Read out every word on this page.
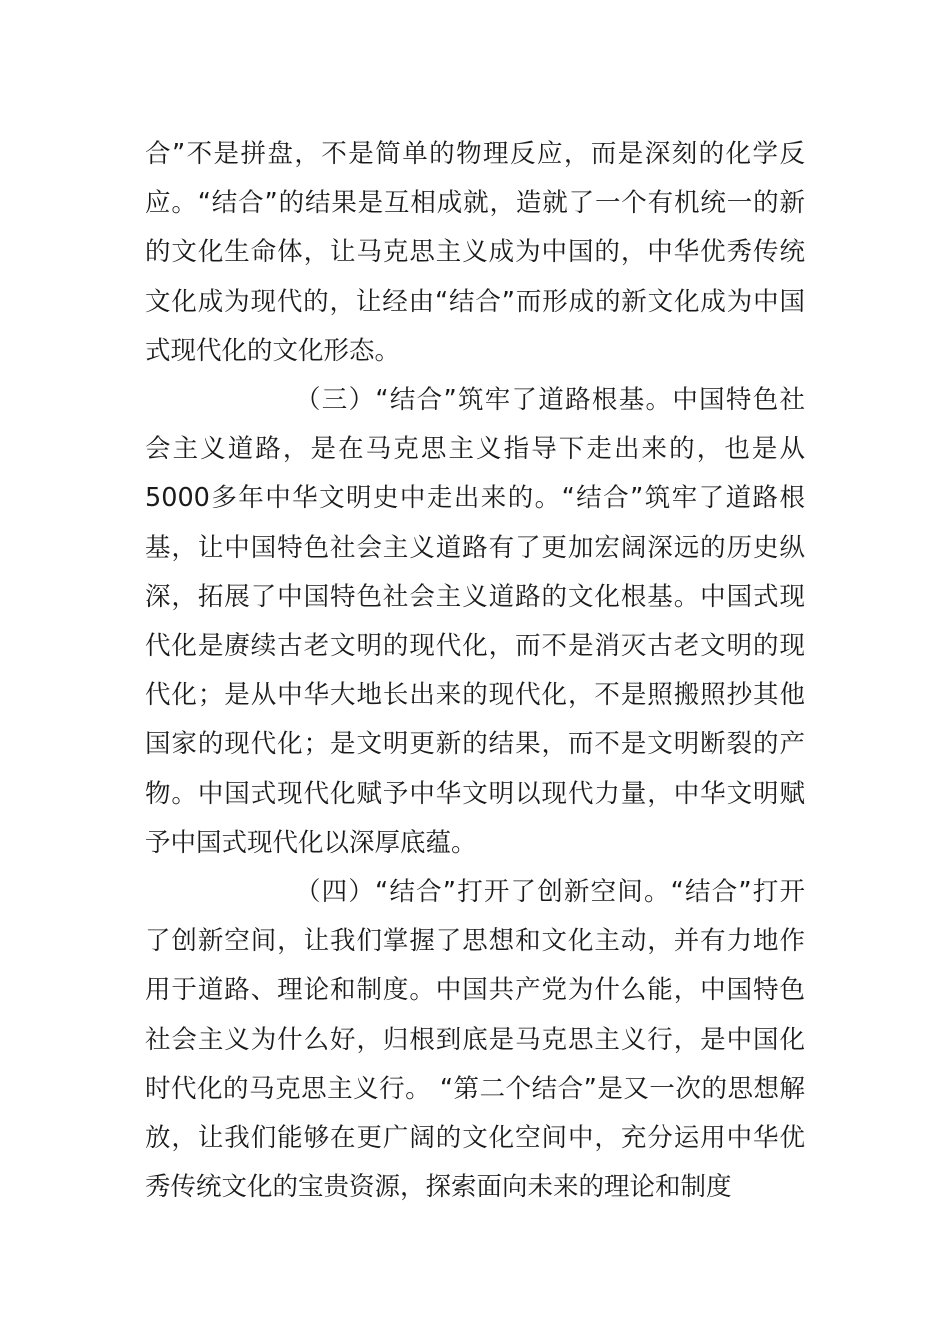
合”不是拼盘，不是简单的物理反应，而是深刻的化学反应。“结合”的结果是互相成就，造就了一个有机统一的新的文化生命体，让马克思主义成为中国的，中华优秀传统文化成为现代的，让经由“结合”而形成的新文化成为中国式现代化的文化形态。

（三）“结合”筑牢了道路根基。中国特色社会主义道路，是在马克思主义指导下走出来的，也是从5000多年中华文明史中走出来的。“结合”筑牢了道路根基，让中国特色社会主义道路有了更加宏阔深远的历史纵深，拓展了中国特色社会主义道路的文化根基。中国式现代化是赓续古老文明的现代化，而不是消灭古老文明的现代化；是从中华大地长出来的现代化，不是照搬照抄其他国家的现代化；是文明更新的结果，而不是文明断裂的产物。中国式现代化赋予中华文明以现代力量，中华文明赋予中国式现代化以深厚底蕴。

（四）“结合”打开了创新空间。“结合”打开了创新空间，让我们掌握了思想和文化主动，并有力地作用于道路、理论和制度。中国共产党为什么能，中国特色社会主义为什么好，归根到底是马克思主义行，是中国化时代化的马克思主义行。 “第二个结合”是又一次的思想解放，让我们能够在更广阔的文化空间中，充分运用中华优秀传统文化的宝贵资源，探索面向未来的理论和制度
